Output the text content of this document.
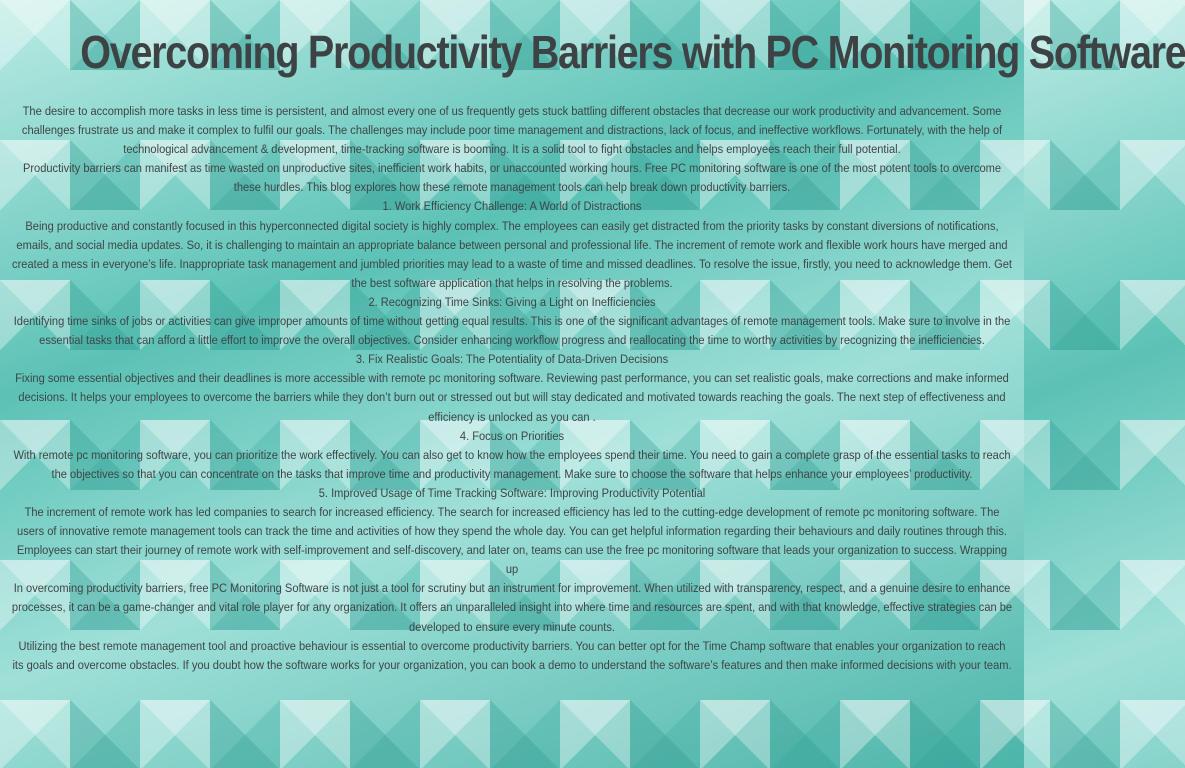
Overcoming Productivity Barriers with PC Monitoring Software

The desire to accomplish more tasks in less time is persistent, and almost every one of us frequently gets stuck battling different obstacles that decrease our work productivity and advancement. Some challenges frustrate us and make it complex to fulfil our goals. The challenges may include poor time management and distractions, lack of focus, and ineffective workflows. Fortunately, with the help of technological advancement & development, time-tracking software is booming. It is a solid tool to fight obstacles and helps employees reach their full potential.

Productivity barriers can manifest as time wasted on unproductive sites, inefficient work habits, or unaccounted working hours. Free PC monitoring software is one of the most potent tools to overcome these hurdles. This blog explores how these remote management tools can help break down productivity barriers.

1. Work Efficiency Challenge: A World of Distractions

Being productive and constantly focused in this hyperconnected digital society is highly complex. The employees can easily get distracted from the priority tasks by constant diversions of notifications, emails, and social media updates. So, it is challenging to maintain an appropriate balance between personal and professional life. The increment of remote work and flexible work hours have merged and created a mess in everyone’s life. Inappropriate task management and jumbled priorities may lead to a waste of time and missed deadlines. To resolve the issue, firstly, you need to acknowledge them. Get the best software application that helps in resolving the problems.

2. Recognizing Time Sinks: Giving a Light on Inefficiencies

Identifying time sinks of jobs or activities can give improper amounts of time without getting equal results. This is one of the significant advantages of remote management tools. Make sure to involve in the essential tasks that can afford a little effort to improve the overall objectives. Consider enhancing workflow progress and reallocating the time to worthy activities by recognizing the inefficiencies.

3. Fix Realistic Goals: The Potentiality of Data-Driven Decisions

Fixing some essential objectives and their deadlines is more accessible with remote pc monitoring software. Reviewing past performance, you can set realistic goals, make corrections and make informed decisions. It helps your employees to overcome the barriers while they don’t burn out or stressed out but will stay dedicated and motivated towards reaching the goals. The next step of effectiveness and efficiency is unlocked as you can .

4. Focus on Priorities

With remote pc monitoring software, you can prioritize the work effectively. You can also get to know how the employees spend their time. You need to gain a complete grasp of the essential tasks to reach the objectives so that you can concentrate on the tasks that improve time and productivity management. Make sure to choose the software that helps enhance your employees’ productivity.

5. Improved Usage of Time Tracking Software: Improving Productivity Potential

The increment of remote work has led companies to search for increased efficiency. The search for increased efficiency has led to the cutting-edge development of remote pc monitoring software. The users of innovative remote management tools can track the time and activities of how they spend the whole day. You can get helpful information regarding their behaviours and daily routines through this. Employees can start their journey of remote work with self-improvement and self-discovery, and later on, teams can use the free pc monitoring software that leads your organization to success. Wrapping up

In overcoming productivity barriers, free PC Monitoring Software is not just a tool for scrutiny but an instrument for improvement. When utilized with transparency, respect, and a genuine desire to enhance processes, it can be a game-changer and vital role player for any organization. It offers an unparalleled insight into where time and resources are spent, and with that knowledge, effective strategies can be developed to ensure every minute counts.

Utilizing the best remote management tool and proactive behaviour is essential to overcome productivity barriers. You can better opt for the Time Champ software that enables your organization to reach its goals and overcome obstacles. If you doubt how the software works for your organization, you can book a demo to understand the software’s features and then make informed decisions with your team.
